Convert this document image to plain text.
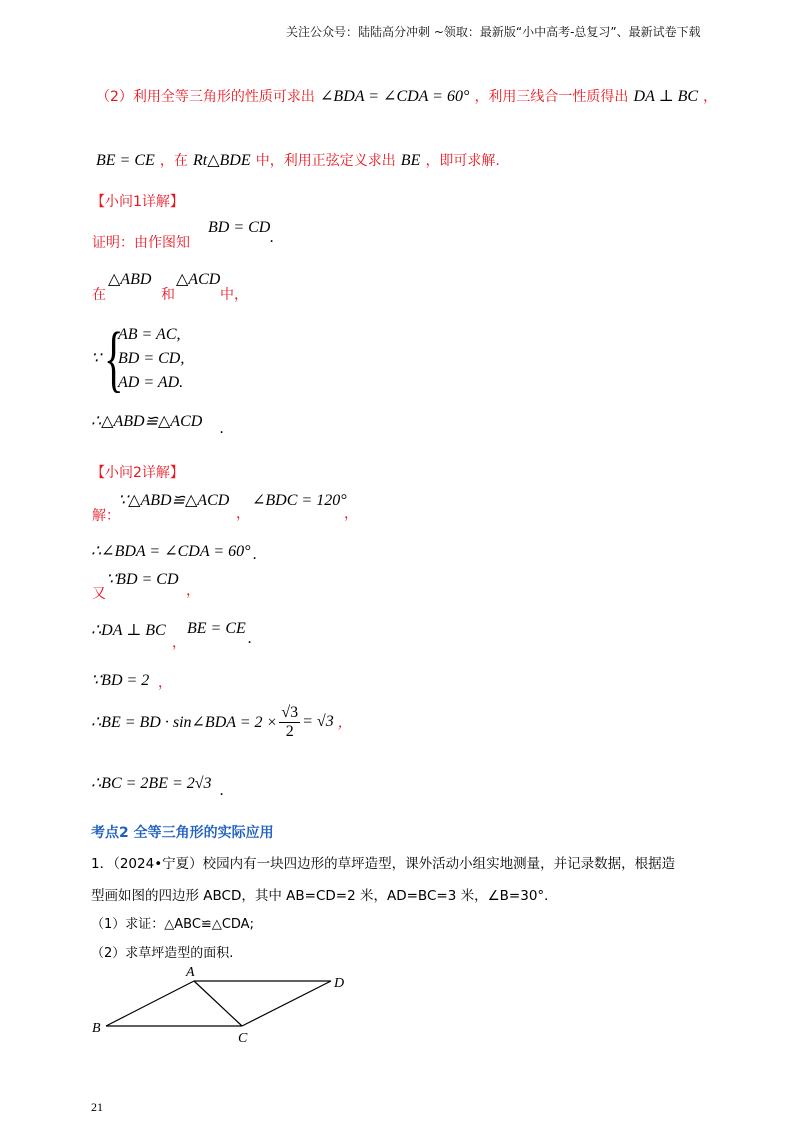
关注公众号：陆陆高分冲刺 ~领取：最新版“小中高考-总复习”、最新试卷下载
（2）利用全等三角形的性质可求出 ∠BDA = ∠CDA = 60° ，利用三线合一性质得出 DA ⊥ BC ，
BE = CE ，在 Rt△BDE 中，利用正弦定义求出 BE ，即可求解.
【小问1详解】
证明：由作图知
BD = CD
.
在
△ABD
和
△ACD
中，
∵ {
AB = AC,
BD = CD,
AD = AD.
∴△ABD≌△ACD .
【小问2详解】
解：
∵△ABD≌△ACD
，
∠BDC = 120°
，
∴∠BDA = ∠CDA = 60° .
又
∵BD = CD
，
∴DA ⊥ BC
，
BE = CE
.
∵BD = 2 ，
∴BE = BD · sin∠BDA = $2 \times \frac{√3}{2} = √3$ ，
∴BC = 2BE = 2√3 .
考点2 全等三角形的实际应用
1．（2024•宁夏）校园内有一块四边形的草坪造型，课外活动小组实地测量，并记录数据，根据造
型画如图的四边形 ABCD，其中 AB=CD=2 米，AD=BC=3 米，∠B=30°．
（1）求证：△ABC≌△CDA;
（2）求草坪造型的面积.
A
B
C
D
21
